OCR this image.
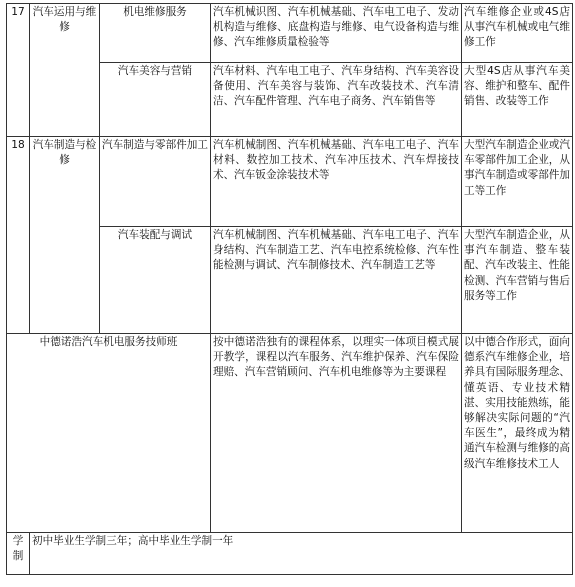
17	汽车运用与维修	机电维修服务	汽车机械识图、汽车机械基础、汽车电工电子、发动机构造与维修、底盘构造与维修、电气设备构造与维修、汽车维修质量检验等	汽车维修企业或4S店从事汽车机械或电气维修工作
		汽车美容与营销	汽车材料、汽车电工电子、汽车身结构、汽车美容设备使用、汽车美容与装饰、汽车改装技术、汽车清洁、汽车配件管理、汽车电子商务、汽车销售等	大型4S店从事汽车美容、维护和整车、配件销售、改装等工作
18	汽车制造与检修	汽车制造与零部件加工	汽车机械制图、汽车机械基础、汽车电工电子、汽车材料、数控加工技术、汽车冲压技术、汽车焊接技术、汽车钣金涂装技术等	大型汽车制造企业或汽车零部件加工企业，从事汽车制造或零部件加工等工作
		汽车装配与调试	汽车机械制图、汽车机械基础、汽车电工电子、汽车身结构、汽车制造工艺、汽车电控系统检修、汽车性能检测与调试、汽车制修技术、汽车制造工艺等	大型汽车制造企业，从事汽车制造、整车装配、汽车改装主、性能检测、汽车营销与售后服务等工作
中德诺浩汽车机电服务技师班			按中德诺浩独有的课程体系，以理实一体项目模式展开教学，课程以汽车服务、汽车维护保养、汽车保险理赔、汽车营销顾问、汽车机电维修等为主要课程	以中德合作形式，面向德系汽车维修企业，培养具有国际服务理念、懂英语、专业技术精湛、实用技能熟练，能够解决实际问题的“汽车医生”，最终成为精通汽车检测与维修的高级汽车维修技术工人
学制	初中毕业生学制三年；高中毕业生学制一年			
